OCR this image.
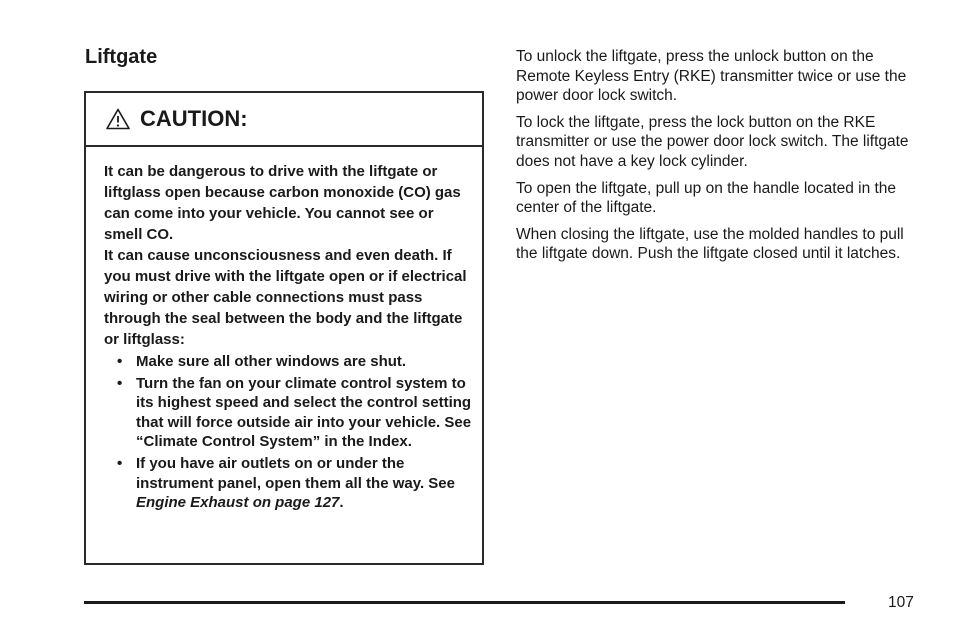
Liftgate
CAUTION:

It can be dangerous to drive with the liftgate or liftglass open because carbon monoxide (CO) gas can come into your vehicle. You cannot see or smell CO.

It can cause unconsciousness and even death. If you must drive with the liftgate open or if electrical wiring or other cable connections must pass through the seal between the body and the liftgate or liftglass:

• Make sure all other windows are shut.
• Turn the fan on your climate control system to its highest speed and select the control setting that will force outside air into your vehicle. See “Climate Control System” in the Index.
• If you have air outlets on or under the instrument panel, open them all the way. See Engine Exhaust on page 127.

To unlock the liftgate, press the unlock button on the Remote Keyless Entry (RKE) transmitter twice or use the power door lock switch.

To lock the liftgate, press the lock button on the RKE transmitter or use the power door lock switch. The liftgate does not have a key lock cylinder.

To open the liftgate, pull up on the handle located in the center of the liftgate.

When closing the liftgate, use the molded handles to pull the liftgate down. Push the liftgate closed until it latches.

107
